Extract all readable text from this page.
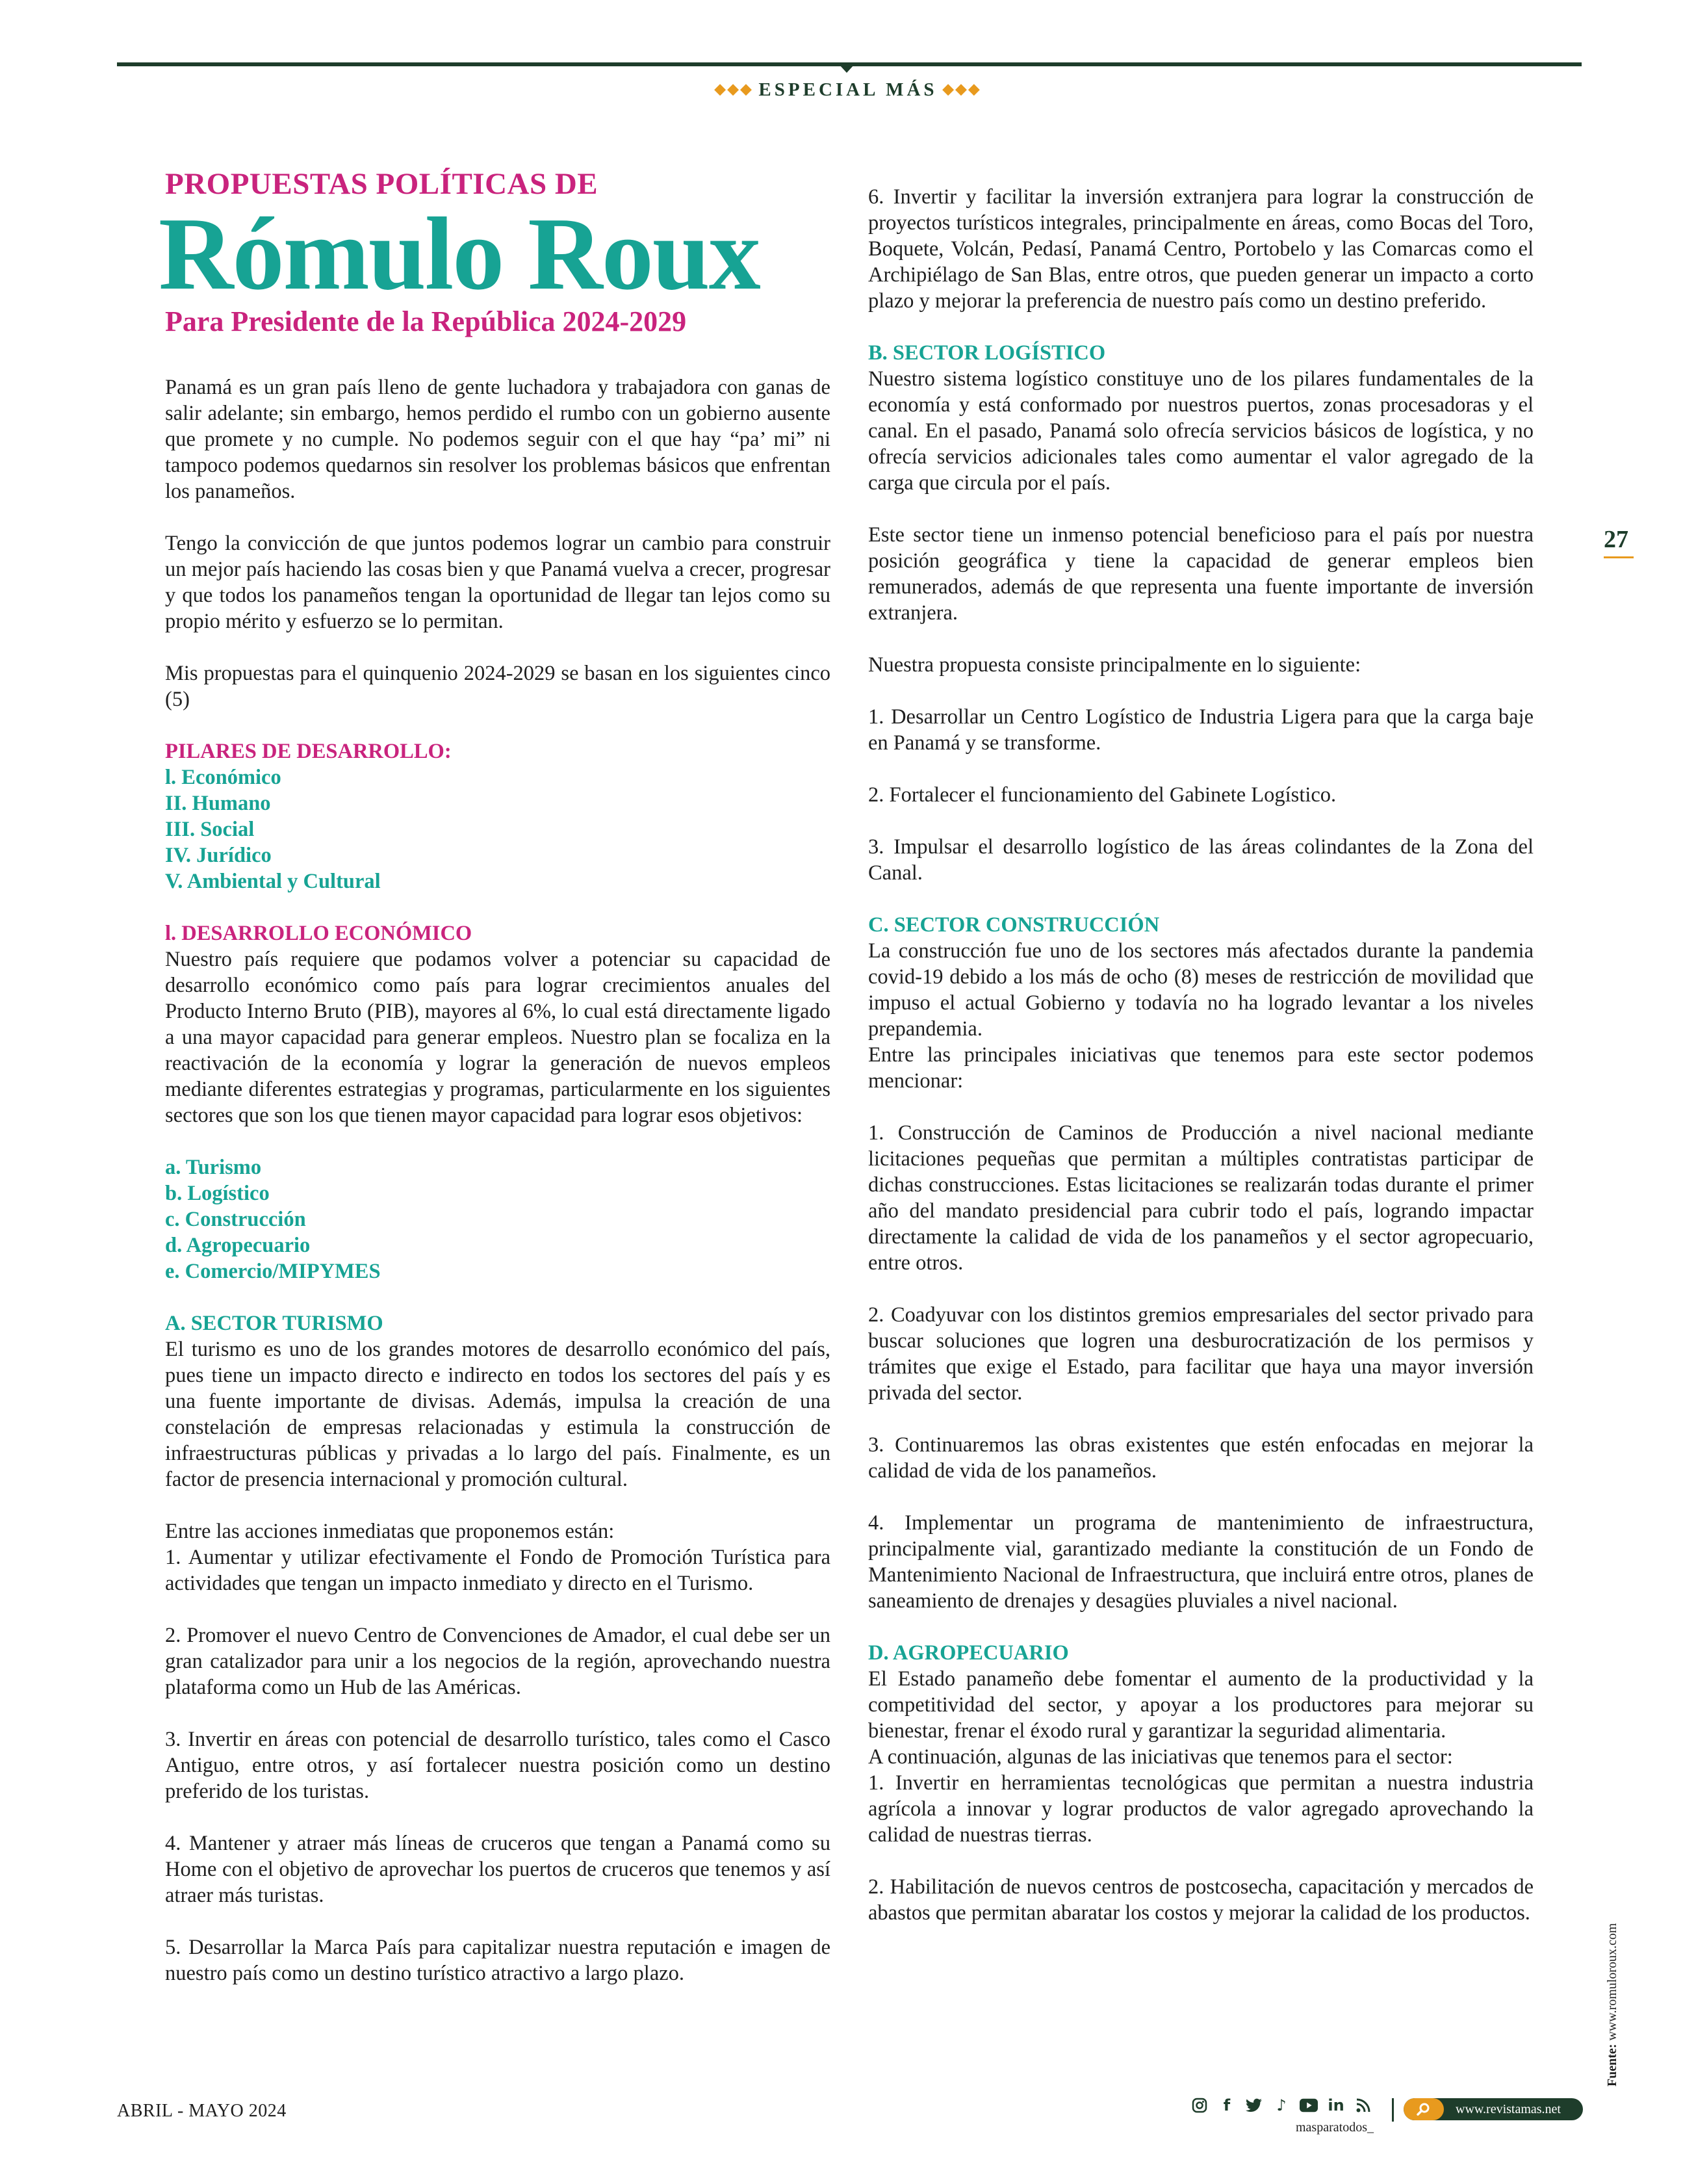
◆◆◆ ESPECIAL MÁS ◆◆◆
PROPUESTAS POLÍTICAS DE
Rómulo Roux
Para Presidente de la República 2024-2029

Panamá es un gran país lleno de gente luchadora y trabajadora con ganas de salir adelante; sin embargo, hemos perdido el rumbo con un gobierno ausente que promete y no cumple. No podemos seguir con el que hay “pa’ mi” ni tampoco podemos quedarnos sin resolver los problemas básicos que enfrentan los panameños.

Tengo la convicción de que juntos podemos lograr un cambio para construir un mejor país haciendo las cosas bien y que Panamá vuelva a crecer, progresar y que todos los panameños tengan la oportunidad de llegar tan lejos como su propio mérito y esfuerzo se lo permitan.

Mis propuestas para el quinquenio 2024-2029 se basan en los siguientes cinco (5)

PILARES DE DESARROLLO:
l. Económico
II. Humano
III. Social
IV. Jurídico
V. Ambiental y Cultural
l. DESARROLLO ECONÓMICO

Nuestro país requiere que podamos volver a potenciar su capacidad de desarrollo económico como país para lograr crecimientos anuales del Producto Interno Bruto (PIB), mayores al 6%, lo cual está directamente ligado a una mayor capacidad para generar empleos. Nuestro plan se focaliza en la reactivación de la economía y lograr la generación de nuevos empleos mediante diferentes estrategias y programas, particularmente en los siguientes sectores que son los que tienen mayor capacidad para lograr esos objetivos:

a. Turismo
b. Logístico
c. Construcción
d. Agropecuario
e. Comercio/MIPYMES
A. SECTOR TURISMO

El turismo es uno de los grandes motores de desarrollo económico del país, pues tiene un impacto directo e indirecto en todos los sectores del país y es una fuente importante de divisas. Además, impulsa la creación de una constelación de empresas relacionadas y estimula la construcción de infraestructuras públicas y privadas a lo largo del país. Finalmente, es un factor de presencia internacional y promoción cultural.

Entre las acciones inmediatas que proponemos están:

1. Aumentar y utilizar efectivamente el Fondo de Promoción Turística para actividades que tengan un impacto inmediato y directo en el Turismo.

2. Promover el nuevo Centro de Convenciones de Amador, el cual debe ser un gran catalizador para unir a los negocios de la región, aprovechando nuestra plataforma como un Hub de las Américas.

3. Invertir en áreas con potencial de desarrollo turístico, tales como el Casco Antiguo, entre otros, y así fortalecer nuestra posición como un destino preferido de los turistas.

4. Mantener y atraer más líneas de cruceros que tengan a Panamá como su Home con el objetivo de aprovechar los puertos de cruceros que tenemos y así atraer más turistas.

5. Desarrollar la Marca País para capitalizar nuestra reputación e imagen de nuestro país como un destino turístico atractivo a largo plazo.

6. Invertir y facilitar la inversión extranjera para lograr la construcción de proyectos turísticos integrales, principalmente en áreas, como Bocas del Toro, Boquete, Volcán, Pedasí, Panamá Centro, Portobelo y las Comarcas como el Archipiélago de San Blas, entre otros, que pueden generar un impacto a corto plazo y mejorar la preferencia de nuestro país como un destino preferido.

B. SECTOR LOGÍSTICO

Nuestro sistema logístico constituye uno de los pilares fundamentales de la economía y está conformado por nuestros puertos, zonas procesadoras y el canal. En el pasado, Panamá solo ofrecía servicios básicos de logística, y no ofrecía servicios adicionales tales como aumentar el valor agregado de la carga que circula por el país.

Este sector tiene un inmenso potencial beneficioso para el país por nuestra posición geográfica y tiene la capacidad de generar empleos bien remunerados, además de que representa una fuente importante de inversión extranjera.

Nuestra propuesta consiste principalmente en lo siguiente:

1. Desarrollar un Centro Logístico de Industria Ligera para que la carga baje en Panamá y se transforme.

2. Fortalecer el funcionamiento del Gabinete Logístico.

3. Impulsar el desarrollo logístico de las áreas colindantes de la Zona del Canal.

C. SECTOR CONSTRUCCIÓN

La construcción fue uno de los sectores más afectados durante la pandemia covid-19 debido a los más de ocho (8) meses de restricción de movilidad que impuso el actual Gobierno y todavía no ha logrado levantar a los niveles prepandemia.

Entre las principales iniciativas que tenemos para este sector podemos mencionar:

1. Construcción de Caminos de Producción a nivel nacional mediante licitaciones pequeñas que permitan a múltiples contratistas participar de dichas construcciones. Estas licitaciones se realizarán todas durante el primer año del mandato presidencial para cubrir todo el país, logrando impactar directamente la calidad de vida de los panameños y el sector agropecuario, entre otros.

2. Coadyuvar con los distintos gremios empresariales del sector privado para buscar soluciones que logren una desburocratización de los permisos y trámites que exige el Estado, para facilitar que haya una mayor inversión privada del sector.

3. Continuaremos las obras existentes que estén enfocadas en mejorar la calidad de vida de los panameños.

4. Implementar un programa de mantenimiento de infraestructura, principalmente vial, garantizado mediante la constitución de un Fondo de Mantenimiento Nacional de Infraestructura, que incluirá entre otros, planes de saneamiento de drenajes y desagües pluviales a nivel nacional.

D. AGROPECUARIO

El Estado panameño debe fomentar el aumento de la productividad y la competitividad del sector, y apoyar a los productores para mejorar su bienestar, frenar el éxodo rural y garantizar la seguridad alimentaria.

A continuación, algunas de las iniciativas que tenemos para el sector:

1. Invertir en herramientas tecnológicas que permitan a nuestra industria agrícola a innovar y lograr productos de valor agregado aprovechando la calidad de nuestras tierras.

2. Habilitación de nuevos centros de postcosecha, capacitación y mercados de abastos que permitan abaratar los costos y mejorar la calidad de los productos.

27
Fuente: www.romuloroux.com
ABRIL - MAYO 2024	f	♪	in
masparatodos_
www.revistamas.net
